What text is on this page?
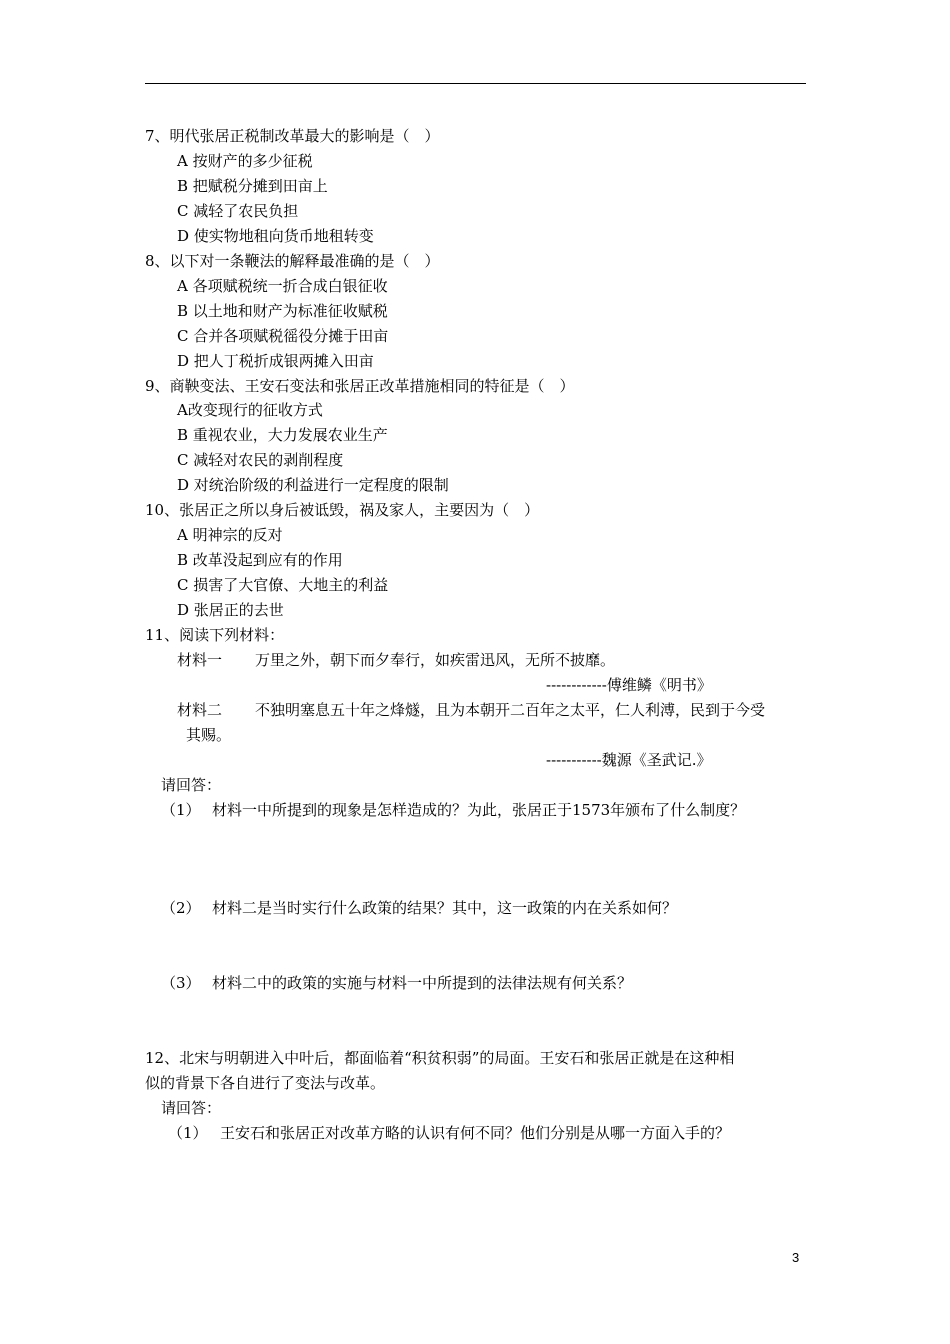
7、明代张居正税制改革最大的影响是（　）
A 按财产的多少征税
B 把赋税分摊到田亩上
C 减轻了农民负担
D 使实物地租向货币地租转变
8、以下对一条鞭法的解释最准确的是（　）
A 各项赋税统一折合成白银征收
B 以土地和财产为标准征收赋税
C 合并各项赋税徭役分摊于田亩
D 把人丁税折成银两摊入田亩
9、商鞅变法、王安石变法和张居正改革措施相同的特征是（　）
A改变现行的征收方式
B 重视农业，大力发展农业生产
C 减轻对农民的剥削程度
D 对统治阶级的利益进行一定程度的限制
10、张居正之所以身后被诋毁，祸及家人，主要因为（　）
A 明神宗的反对
B 改革没起到应有的作用
C 损害了大官僚、大地主的利益
D 张居正的去世
11、阅读下列材料：
材料一 万里之外，朝下而夕奉行，如疾雷迅风，无所不披靡。
------------傅维鳞《明书》
材料二 不独明塞息五十年之烽燧，且为本朝开二百年之太平，仁人利溥，民到于今受
其赐。
-----------魏源《圣武记.》
请回答：
（1） 材料一中所提到的现象是怎样造成的？为此，张居正于1573年颁布了什么制度？
（2） 材料二是当时实行什么政策的结果？其中，这一政策的内在关系如何？
（3） 材料二中的政策的实施与材料一中所提到的法律法规有何关系？
12、北宋与明朝进入中叶后，都面临着“积贫积弱”的局面。王安石和张居正就是在这种相
似的背景下各自进行了变法与改革。
请回答：
（1） 王安石和张居正对改革方略的认识有何不同？他们分别是从哪一方面入手的？
3
